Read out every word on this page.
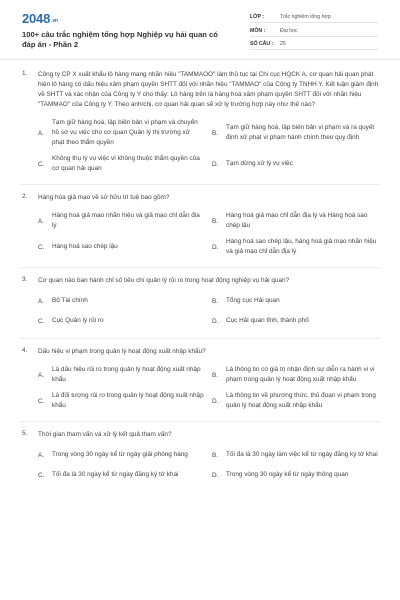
2048.vn
100+ câu trắc nghiệm tổng hợp Nghiệp vụ hải quan có đáp án - Phần 2
LỚP :	Trắc nghiệm tổng hợp
MÔN :	Đại học
SỐ CÂU :	25
1. Công ty CP X xuất khẩu lô hàng mang nhãn hiệu "TAMMAOO" làm thủ tục tại Chi cục HQCK A, cơ quan hải quan phát hiện lô hàng có dấu hiệu xâm phạm quyền SHTT đối với nhãn hiệu "TAMMAO" của Công ty TNHH Y. Kết luận giám định về SHTT và xác nhận của Công ty Y cho thấy: Lô hàng trên là hàng hoá xâm phạm quyền SHTT đối với nhãn hiệu "TAMMAO" của Công ty Y. Theo anh/chị, cơ quan hải quan sẽ xử lý trường hợp này như thế nào?
A.
Tạm giữ hàng hoá, lập biên bản vi phạm và chuyển hồ sơ vụ việc cho cơ quan Quản lý thị trường xử phạt theo thẩm quyền
B.
Tạm giữ hàng hoá, lập biên bản vi phạm và ra quyết định xử phạt vi phạm hành chính theo quy định
C.
Không thụ lý vụ việc vì không thuộc thẩm quyền của cơ quan hải quan
D.	Tạm dừng xử lý vụ việc
2. Hàng hóa giả mạo về sở hữu trí tuệ bao gồm?
A.
Hàng hoá giả mạo nhãn hiệu và giả mạo chỉ dẫn địa lý
B.
Hàng hoá giả mạo chỉ dẫn địa lý và Hàng hoá sao chép lậu
C.	Hàng hoá sao chép lậu	D.
Hàng hoá sao chép lậu, hàng hoá giả mạo nhãn hiệu và giả mạo chỉ dẫn địa lý
3. Cơ quan nào ban hành chỉ số tiêu chí quản lý rủi ro trong hoạt động nghiệp vụ hải quan?
A.	Bộ Tài chính	B.	Tổng cục Hải quan
C.	Cục Quản lý rủi ro	D.	Cục Hải quan tỉnh, thành phố
4. Dấu hiệu vi phạm trong quản lý hoạt động xuất nhập khẩu?
A.
Là dấu hiệu rủi ro trong quản lý hoạt động xuất nhập khẩu
B.
Là thông tin có giá trị nhận định sự diễn ra hành vi vi phạm trong quản lý hoạt động xuất nhập khẩu
C.
Là đối tượng rủi ro trong quản lý hoạt động xuất nhập khẩu
D.
Là thông tin về phương thức, thủ đoạn vi phạm trong quản lý hoạt động xuất nhập khẩu
5. Thời gian tham vấn và xử lý kết quả tham vấn?
A.	Trong vòng 30 ngày kể từ ngày giải phóng hàng	B.	Tối đa là 30 ngày làm việc kể từ ngày đăng ký tờ khai
C.	Tối đa là 30 ngày kể từ ngày đăng ký tờ khai	D.	Trong vòng 30 ngày kể từ ngày thông quan
